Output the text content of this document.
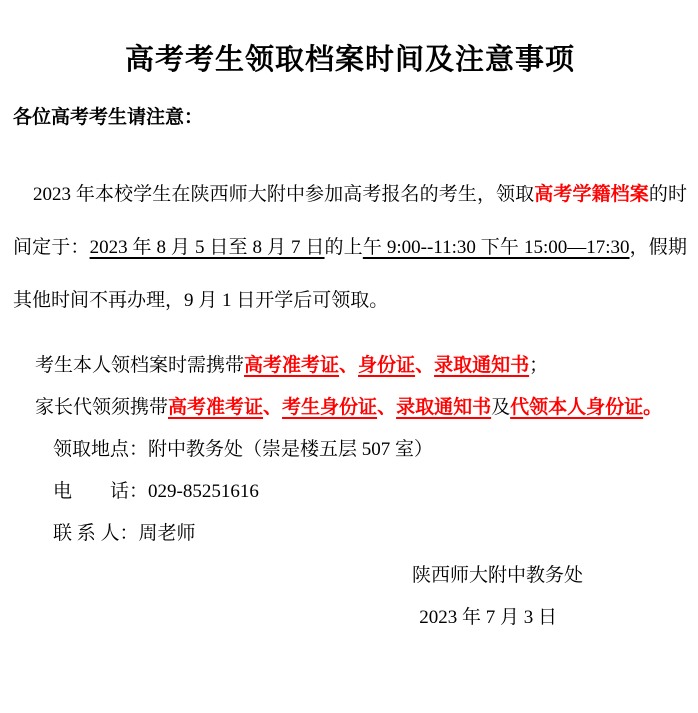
高考考生领取档案时间及注意事项
各位高考考生请注意：
2023 年本校学生在陕西师大附中参加高考报名的考生，领取高考学籍档案的时间定于：2023 年 8 月 5 日至 8 月 7 日的上午 9:00--11:30 下午 15:00—17:30，假期其他时间不再办理，9 月 1 日开学后可领取。
考生本人领档案时需携带高考准考证、身份证、录取通知书；
家长代领须携带高考准考证、考生身份证、录取通知书及代领本人身份证。
领取地点：附中教务处（崇是楼五层 507 室）
电　　话：029-85251616
联 系 人：周老师
陕西师大附中教务处
2023 年 7 月 3 日
